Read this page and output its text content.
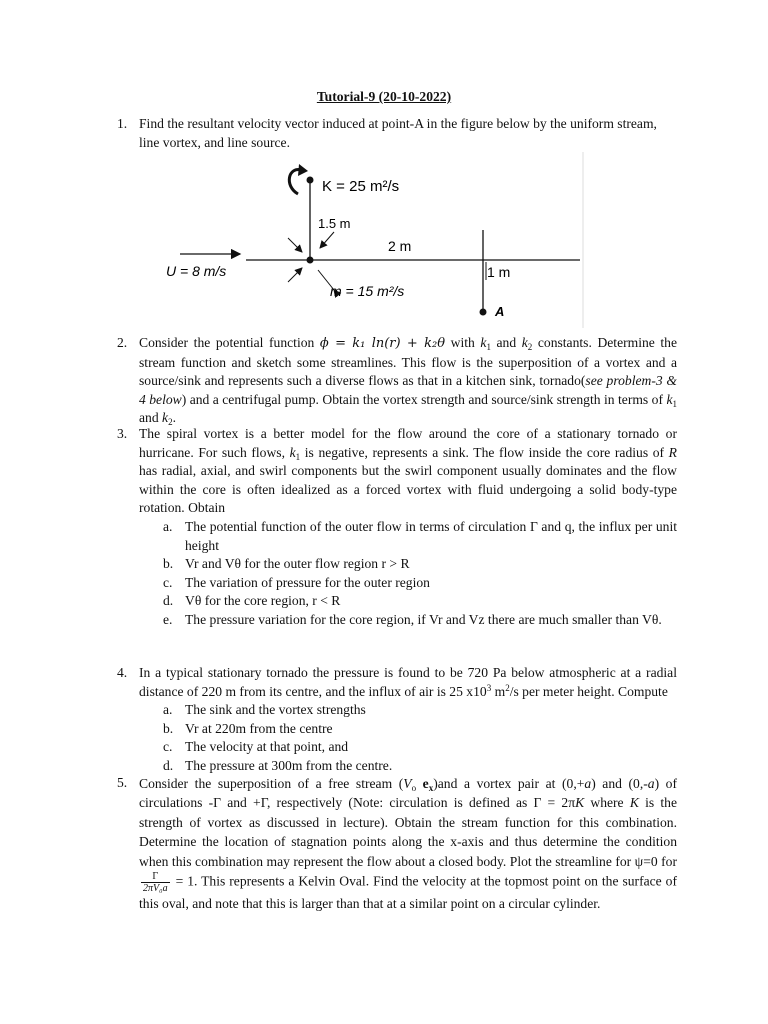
Tutorial-9 (20-10-2022)
1. Find the resultant velocity vector induced at point-A in the figure below by the uniform stream, line vortex, and line source.
K = 25 m²/s
1.5 m
2 m
U = 8 m/s
m = 15 m²/s
1 m
A
2. Consider the potential function ϕ = k₁ ln(r) + k₂θ with $k_1$ and $k_2$ constants. Determine the stream function and sketch some streamlines. This flow is the superposition of a vortex and a source/sink and represents such a diverse flows as that in a kitchen sink, tornado(see problem-3 & 4 below) and a centrifugal pump. Obtain the vortex strength and source/sink strength in terms of $k_1$ and $k_2$.
3. The spiral vortex is a better model for the flow around the core of a stationary tornado or hurricane. For such flows, $k_1$ is negative, represents a sink. The flow inside the core radius of R has radial, axial, and swirl components but the swirl component usually dominates and the flow within the core is often idealized as a forced vortex with fluid undergoing a solid body-type rotation. Obtain
a. The potential function of the outer flow in terms of circulation Γ and q, the influx per unit height
b. Vr and Vθ for the outer flow region r > R
c. The variation of pressure for the outer region
d. Vθ for the core region, r < R
e. The pressure variation for the core region, if Vr and Vz there are much smaller than Vθ.
4. In a typical stationary tornado the pressure is found to be 720 Pa below atmospheric at a radial distance of 220 m from its centre, and the influx of air is 25 $x10^3$ $m^2/s$ per meter height. Compute
a. The sink and the vortex strengths
b. Vr at 220m from the centre
c. The velocity at that point, and
d. The pressure at 300m from the centre.
5. Consider the superposition of a free stream ($V_o$ $e_x)and$ a vortex pair at (0,+a) and (0,-a) of circulations -Γ and +Γ, respectively (Note: circulation is defined as Γ = 2πK where K is the strength of vortex as discussed in lecture). Obtain the stream function for this combination. Determine the location of stagnation points along the x-axis and thus determine the condition when this combination may represent the flow about a closed body. Plot the streamline for ψ=0 for
$\frac{\Gamma}{\text{2πV₀a}} = 1$. This represents a Kelvin Oval. Find the velocity at the topmost point on the surface of this oval, and note that this is larger than that at a similar point on a circular cylinder.
